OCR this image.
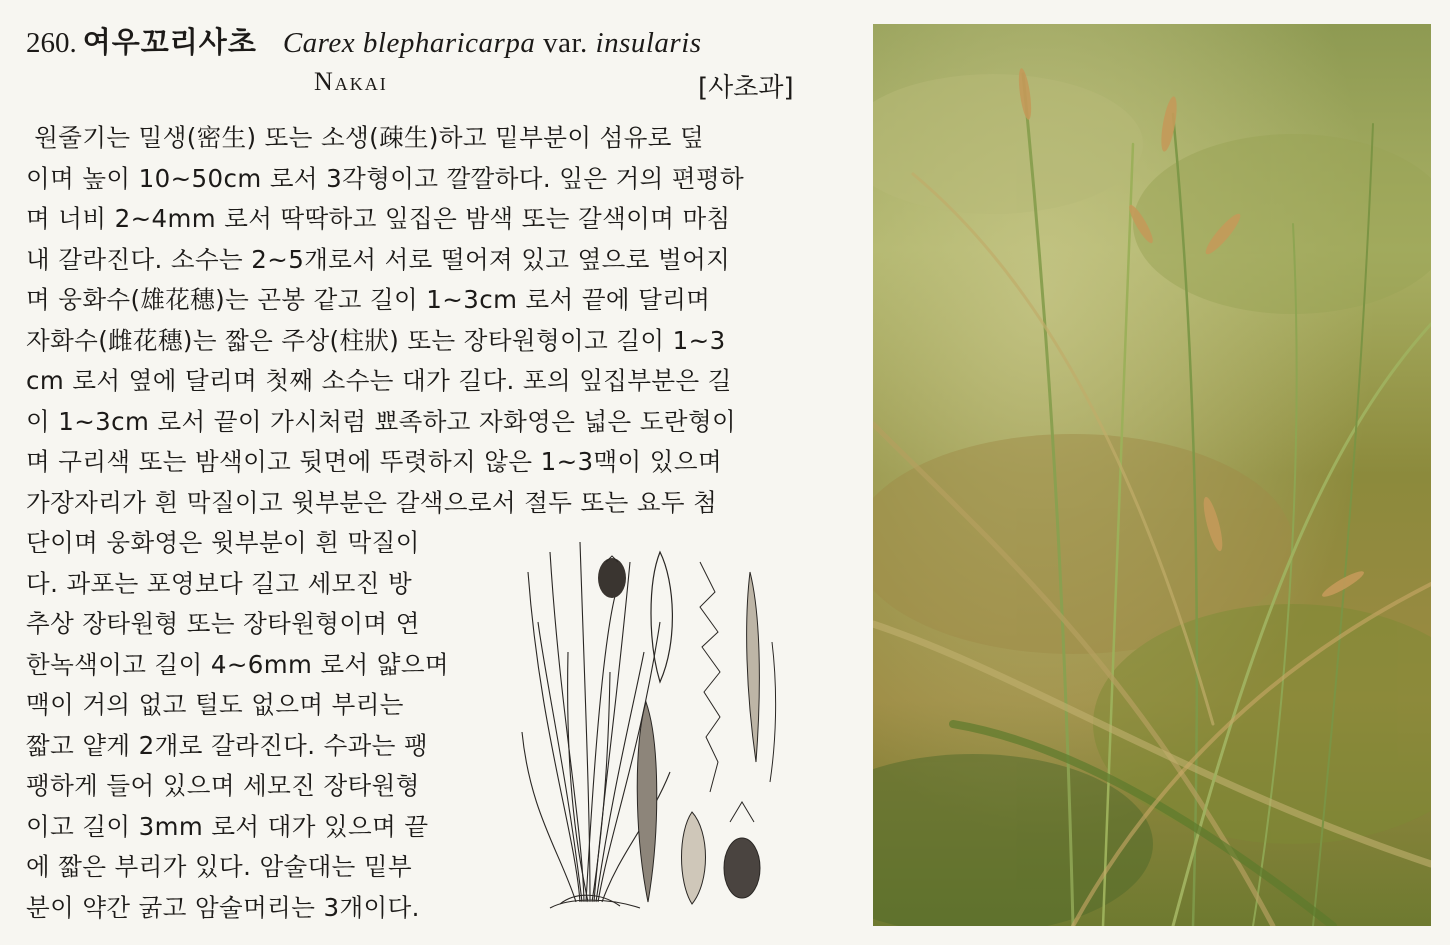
260. 여우꼬리사초 Carex blepharicarpa var. insularis
Nakai	[사초과]
원줄기는 밀생(密生) 또는 소생(疎生)하고 밑부분이 섬유로 덮
이며 높이 10~50cm 로서 3각형이고 깔깔하다. 잎은 거의 편평하
며 너비 2~4mm 로서 딱딱하고 잎집은 밤색 또는 갈색이며 마침
내 갈라진다. 소수는 2~5개로서 서로 떨어져 있고 옆으로 벌어지
며 웅화수(雄花穗)는 곤봉 같고 길이 1~3cm 로서 끝에 달리며
자화수(雌花穗)는 짧은 주상(柱狀) 또는 장타원형이고 길이 1~3
cm 로서 옆에 달리며 첫째 소수는 대가 길다. 포의 잎집부분은 길
이 1~3cm 로서 끝이 가시처럼 뾰족하고 자화영은 넓은 도란형이
며 구리색 또는 밤색이고 뒷면에 뚜렷하지 않은 1~3맥이 있으며
가장자리가 흰 막질이고 윗부분은 갈색으로서 절두 또는 요두 첨
단이며 웅화영은 윗부분이 흰 막질이
다. 과포는 포영보다 길고 세모진 방
추상 장타원형 또는 장타원형이며 연
한녹색이고 길이 4~6mm 로서 얇으며
맥이 거의 없고 털도 없으며 부리는
짧고 얕게 2개로 갈라진다. 수과는 팽
팽하게 들어 있으며 세모진 장타원형
이고 길이 3mm 로서 대가 있으며 끝
에 짧은 부리가 있다. 암술대는 밑부
분이 약간 굵고 암술머리는 3개이다.
